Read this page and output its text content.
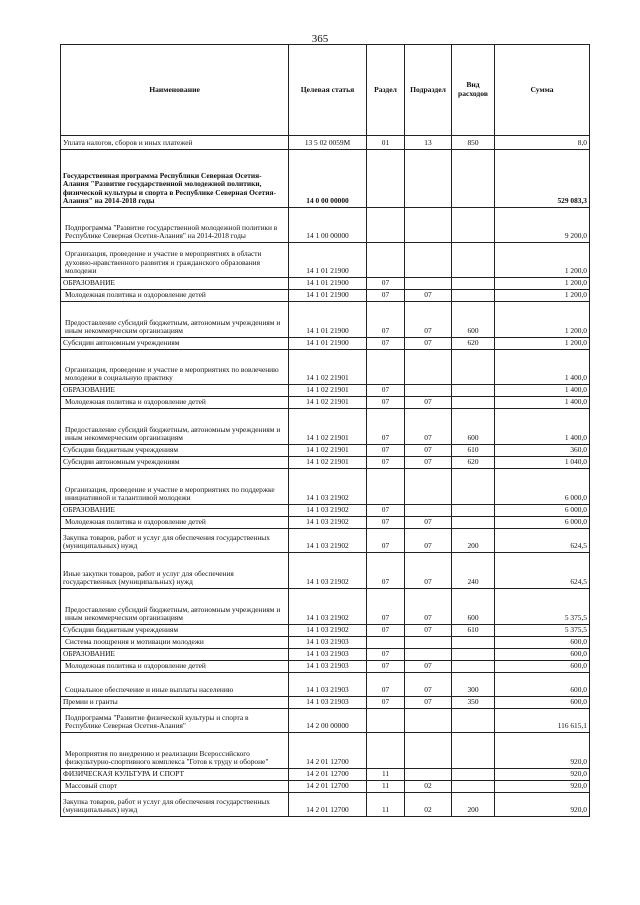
365
Наименование	Целевая статья	Раздел	Подраздел	Вид расходов	Сумма
Уплата налогов, сборов и иных платежей	13 5 02 0059М	01	13	850	8,0
Государственная программа Республики Северная Осетия-Алания "Развитие государственной молодежной политики, физической культуры и спорта в Республике Северная Осетия-Алания" на 2014-2018 годы	14 0 00 00000				529 083,3
Подпрограмма "Развитие государственной молодежной политики в Республике Северная Осетия-Алания" на 2014-2018 годы	14 1 00 00000				9 200,0
Организация, проведение и участие в мероприятиях в области духовно-нравственного развития и гражданского образования молодежи	14 1 01 21900				1 200,0
ОБРАЗОВАНИЕ	14 1 01 21900	07			1 200,0
Молодежная политика и оздоровление детей	14 1 01 21900	07	07		1 200,0
Предоставление субсидий бюджетным, автономным учреждениям и иным некоммерческим организациям	14 1 01 21900	07	07	600	1 200,0
Субсидии автономным учреждениям	14 1 01 21900	07	07	620	1 200,0
Организация, проведение и участие в мероприятиях по вовлечению молодежи в социальную практику	14 1 02 21901				1 400,0
ОБРАЗОВАНИЕ	14 1 02 21901	07			1 400,0
Молодежная политика и оздоровление детей	14 1 02 21901	07	07		1 400,0
Предоставление субсидий бюджетным, автономным учреждениям и иным некоммерческим организациям	14 1 02 21901	07	07	600	1 400,0
Субсидии бюджетным учреждениям	14 1 02 21901	07	07	610	360,0
Субсидии автономным учреждениям	14 1 02 21901	07	07	620	1 040,0
Организация, проведение и участие в мероприятиях по поддержке инициативной и талантливой молодежи	14 1 03 21902				6 000,0
ОБРАЗОВАНИЕ	14 1 03 21902	07			6 000,0
Молодежная политика и оздоровление детей	14 1 03 21902	07	07		6 000,0
Закупка товаров, работ и услуг для обеспечения государственных (муниципальных) нужд	14 1 03 21902	07	07	200	624,5
Иные закупки товаров, работ и услуг для обеспечения государственных (муниципальных) нужд	14 1 03 21902	07	07	240	624,5
Предоставление субсидий бюджетным, автономным учреждениям и иным некоммерческим организациям	14 1 03 21902	07	07	600	5 375,5
Субсидии бюджетным учреждениям	14 1 03 21902	07	07	610	5 375,5
Система поощрения и мотивации молодежи	14 1 03 21903				600,0
ОБРАЗОВАНИЕ	14 1 03 21903	07			600,0
Молодежная политика и оздоровление детей	14 1 03 21903	07	07		600,0
Социальное обеспечение и иные выплаты населению	14 1 03 21903	07	07	300	600,0
Премии и гранты	14 1 03 21903	07	07	350	600,0
Подпрограмма "Развитие физической культуры и спорта в Республике Северная Осетия-Алания"	14 2 00 00000				116 615,1
Мероприятия по внедрению и реализации Всероссийского физкультурно-спортивного комплекса "Готов к труду и обороне"	14 2 01 12700				920,0
ФИЗИЧЕСКАЯ КУЛЬТУРА И СПОРТ	14 2 01 12700	11			920,0
Массовый спорт	14 2 01 12700	11	02		920,0
Закупка товаров, работ и услуг для обеспечения государственных (муниципальных) нужд	14 2 01 12700	11	02	200	920,0
